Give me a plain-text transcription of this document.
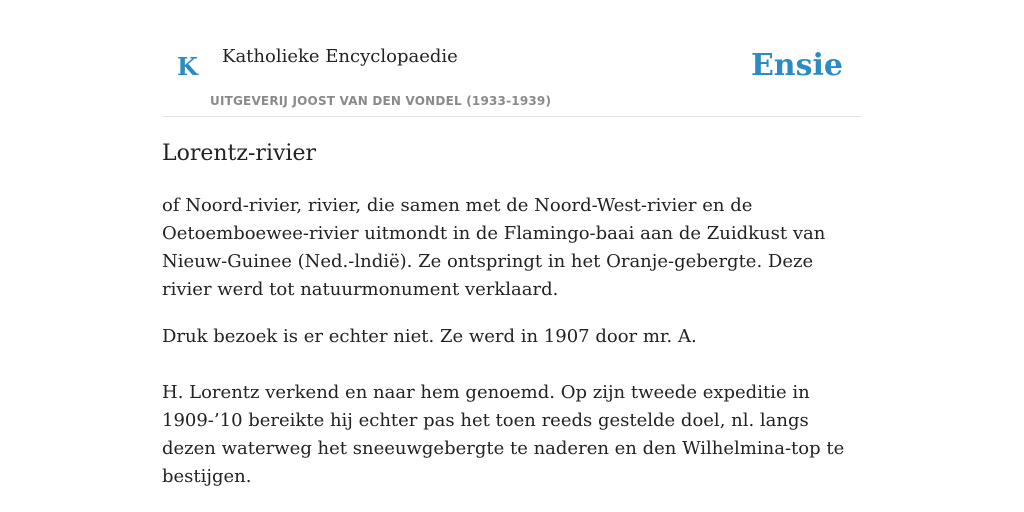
K Katholieke Encyclopaedie
UITGEVERIJ JOOST VAN DEN VONDEL (1933-1939)
Ensie
Lorentz-rivier

of Noord-rivier, rivier, die samen met de Noord-West-rivier en de Oetoemboewee-rivier uitmondt in de Flamingo-baai aan de Zuidkust van Nieuw-Guinee (Ned.-lndië). Ze ontspringt in het Oranje-gebergte. Deze rivier werd tot natuurmonument verklaard.

Druk bezoek is er echter niet. Ze werd in 1907 door mr. A.

H. Lorentz verkend en naar hem genoemd. Op zijn tweede expeditie in 1909-’10 bereikte hij echter pas het toen reeds gestelde doel, nl. langs dezen waterweg het sneeuwgebergte te naderen en den Wilhelmina-top te bestijgen.
